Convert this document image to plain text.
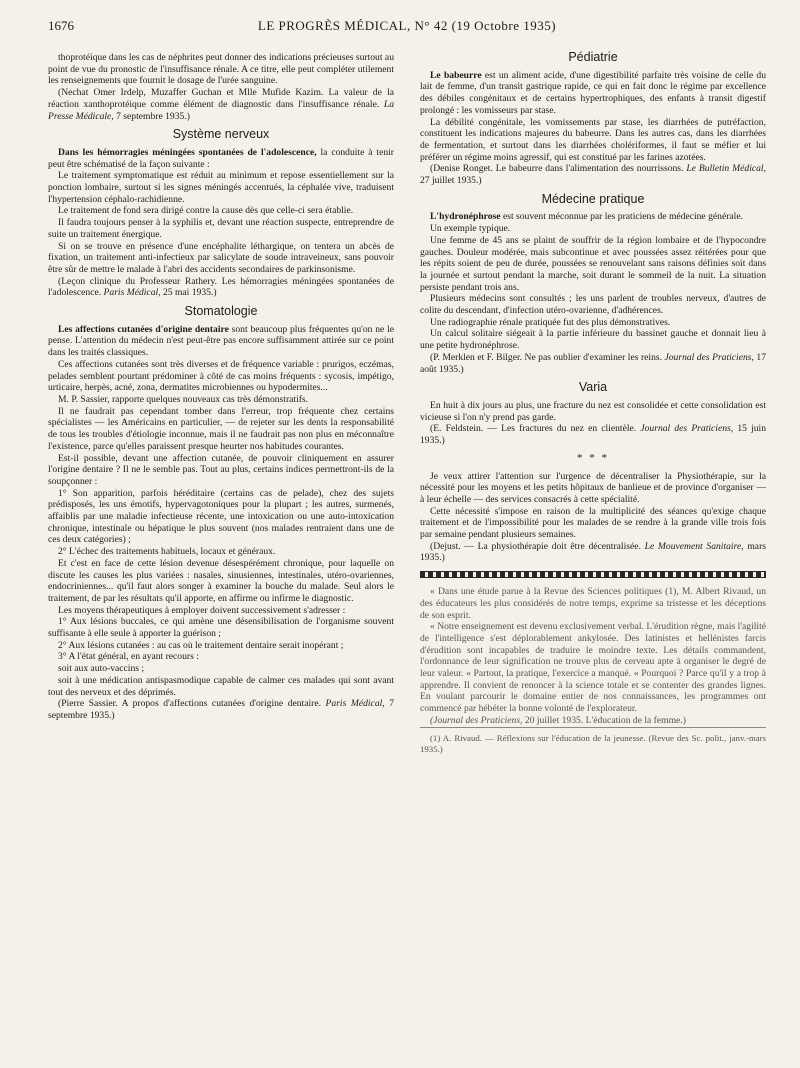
1676	LE PROGRÈS MÉDICAL, N° 42 (19 Octobre 1935)

thoprotéique dans les cas de néphrites peut donner des indications précieuses surtout au point de vue du pronostic de l'insuffisance rénale. A ce titre, elle peut compléter utilement les renseignements que fournit le dosage de l'urée sanguine.

(Nechat Omer Irdelp, Muzaffer Guchan et Mlle Mufide Kazim. La valeur de la réaction xanthoprotéique comme élément de diagnostic dans l'insuffisance rénale. La Presse Médicale, 7 septembre 1935.)

Système nerveux

Dans les hémorragies méningées spontanées de l'adolescence, la conduite à tenir peut être schématisé de la façon suivante :

Le traitement symptomatique est réduit au minimum et repose essentiellement sur la ponction lombaire, surtout si les signes méningés accentués, la céphalée vive, traduisent l'hypertension céphalo-rachidienne.

Le traitement de fond sera dirigé contre la cause dès que celle-ci sera établie.

Il faudra toujours penser à la syphilis et, devant une réaction suspecte, entreprendre de suite un traitement énergique.

Si on se trouve en présence d'une encéphalite léthargique, on tentera un abcès de fixation, un traitement anti-infectieux par salicylate de soude intraveineux, sans pouvoir être sûr de mettre le malade à l'abri des accidents secondaires de parkinsonisme.

(Leçon clinique du Professeur Rathery. Les hémorragies méningées spontanées de l'adolescence. Paris Médical, 25 mai 1935.)

Stomatologie

Les affections cutanées d'origine dentaire sont beaucoup plus fréquentes qu'on ne le pense. L'attention du médecin n'est peut-être pas encore suffisamment attirée sur ce point dans les traités classiques.

Ces affections cutanées sont très diverses et de fréquence variable : prurigos, eczémas, pelades semblent pourtant prédominer à côté de cas moins fréquents : sycosis, impétigo, urticaire, herpès, acné, zona, dermatites microbiennes ou hypodermites...

M. P. Sassier, rapporte quelques nouveaux cas très démonstratifs.

Il ne faudrait pas cependant tomber dans l'erreur, trop fréquente chez certains spécialistes — les Américains en particulier, — de rejeter sur les dents la responsabilité de tous les troubles d'étiologie inconnue, mais il ne faudrait pas non plus en méconnaître l'existence, parce qu'elles paraissent presque heurter nos habitudes courantes.

Est-il possible, devant une affection cutanée, de pouvoir cliniquement en assurer l'origine dentaire ? Il ne le semble pas. Tout au plus, certains indices permettront-ils de la soupçonner :

1° Son apparition, parfois héréditaire (certains cas de pelade), chez des sujets prédisposés, les uns émotifs, hypervagotoniques pour la plupart ; les autres, surmenés, affaiblis par une maladie infectieuse récente, une intoxication ou une auto-intoxication chronique, intestinale ou hépatique le plus souvent (nos malades rentraient dans une de ces deux catégories) ;

2° L'échec des traitements habituels, locaux et généraux.

Et c'est en face de cette lésion devenue désespérément chronique, pour laquelle on discute les causes les plus variées : nasales, sinusiennes, intestinales, utéro-ovariennes, endocriniennes... qu'il faut alors songer à examiner la bouche du malade. Seul alors le traitement, de par les résultats qu'il apporte, en affirme ou infirme le diagnostic.

Les moyens thérapeutiques à employer doivent successivement s'adresser :

1° Aux lésions buccales, ce qui amène une désensibilisation de l'organisme souvent suffisante à elle seule à apporter la guérison ;

2° Aux lésions cutanées : au cas où le traitement dentaire serait inopérant ;

3° A l'état général, en ayant recours :

soit aux auto-vaccins ;

soit à une médication antispasmodique capable de calmer ces malades qui sont avant tout des nerveux et des déprimés.

(Pierre Sassier. A propos d'affections cutanées d'origine dentaire. Paris Médical, 7 septembre 1935.)

Pédiatrie

Le babeurre est un aliment acide, d'une digestibilité parfaite très voisine de celle du lait de femme, d'un transit gastrique rapide, ce qui en fait donc le régime par excellence des débiles congénitaux et de certains hypertrophiques, des enfants à transit digestif prolongé : les vomisseurs par stase.

La débilité congénitale, les vomissements par stase, les diarrhées de putréfaction, constituent les indications majeures du babeurre. Dans les autres cas, dans les diarrhées de fermentation, et surtout dans les diarrhées cholériformes, il faut se méfier et lui préférer un régime moins agressif, qui est constitué par les farines azotées.

(Denise Ronget. Le babeurre dans l'alimentation des nourrissons. Le Bulletin Médical, 27 juillet 1935.)

Médecine pratique

L'hydronéphrose est souvent méconnue par les praticiens de médecine générale.

Un exemple typique.

Une femme de 45 ans se plaint de souffrir de la région lombaire et de l'hypocondre gauches. Douleur modérée, mais subcontinue et avec poussées assez réitérées pour que les répits soient de peu de durée, poussées se renouvelant sans raisons définies soit dans la journée et surtout pendant la marche, soit durant le sommeil de la nuit. La situation persiste pendant trois ans.

Plusieurs médecins sont consultés ; les uns parlent de troubles nerveux, d'autres de colite du descendant, d'infection utéro-ovarienne, d'adhérences.

Une radiographie rénale pratiquée fut des plus démonstratives.

Un calcul solitaire siégeait à la partie inférieure du bassinet gauche et donnait lieu à une petite hydronéphrose.

(P. Merklen et F. Bilger. Ne pas oublier d'examiner les reins. Journal des Praticiens, 17 août 1935.)

Varia

En huit à dix jours au plus, une fracture du nez est consolidée et cette consolidation est vicieuse si l'on n'y prend pas garde.

(E. Feldstein. — Les fractures du nez en clientèle. Journal des Praticiens, 15 juin 1935.)

* * *

Je veux attirer l'attention sur l'urgence de décentraliser la Physiothérapie, sur la nécessité pour les moyens et les petits hôpitaux de banlieue et de province d'organiser — à leur échelle — des services consacrés à cette spécialité.

Cette nécessité s'impose en raison de la multiplicité des séances qu'exige chaque traitement et de l'impossibilité pour les malades de se rendre à la grande ville trois fois par semaine pendant plusieurs semaines.

(Dejust. — La physiothérapie doit être décentralisée. Le Mouvement Sanitaire, mars 1935.)

« Dans une étude parue à la Revue des Sciences politiques (1), M. Albert Rivaud, un des éducateurs les plus considérés de notre temps, exprime sa tristesse et les déceptions de son esprit.

« Notre enseignement est devenu exclusivement verbal. L'érudition règne, mais l'agilité de l'intelligence s'est déplorablement ankylosée. Des latinistes et hellénistes farcis d'érudition sont incapables de traduire le moindre texte. Les détails commandent, l'ordonnance de leur signification ne trouve plus de cerveau apte à organiser le degré de leur valeur. « Partout, la pratique, l'exercice a manqué. « Pourquoi ? Parce qu'il y a trop à apprendre. Il convient de renoncer à la science totale et se contenter des grandes lignes. En voulant parcourir le domaine entier de nos connaissances, les programmes ont commencé par hébéter la bonne volonté de l'explorateur.

(Journal des Praticiens, 20 juillet 1935. L'éducation de la femme.)

(1) A. Rivaud. — Réflexions sur l'éducation de la jeunesse. (Revue des Sc. polit., janv.-mars 1935.)
